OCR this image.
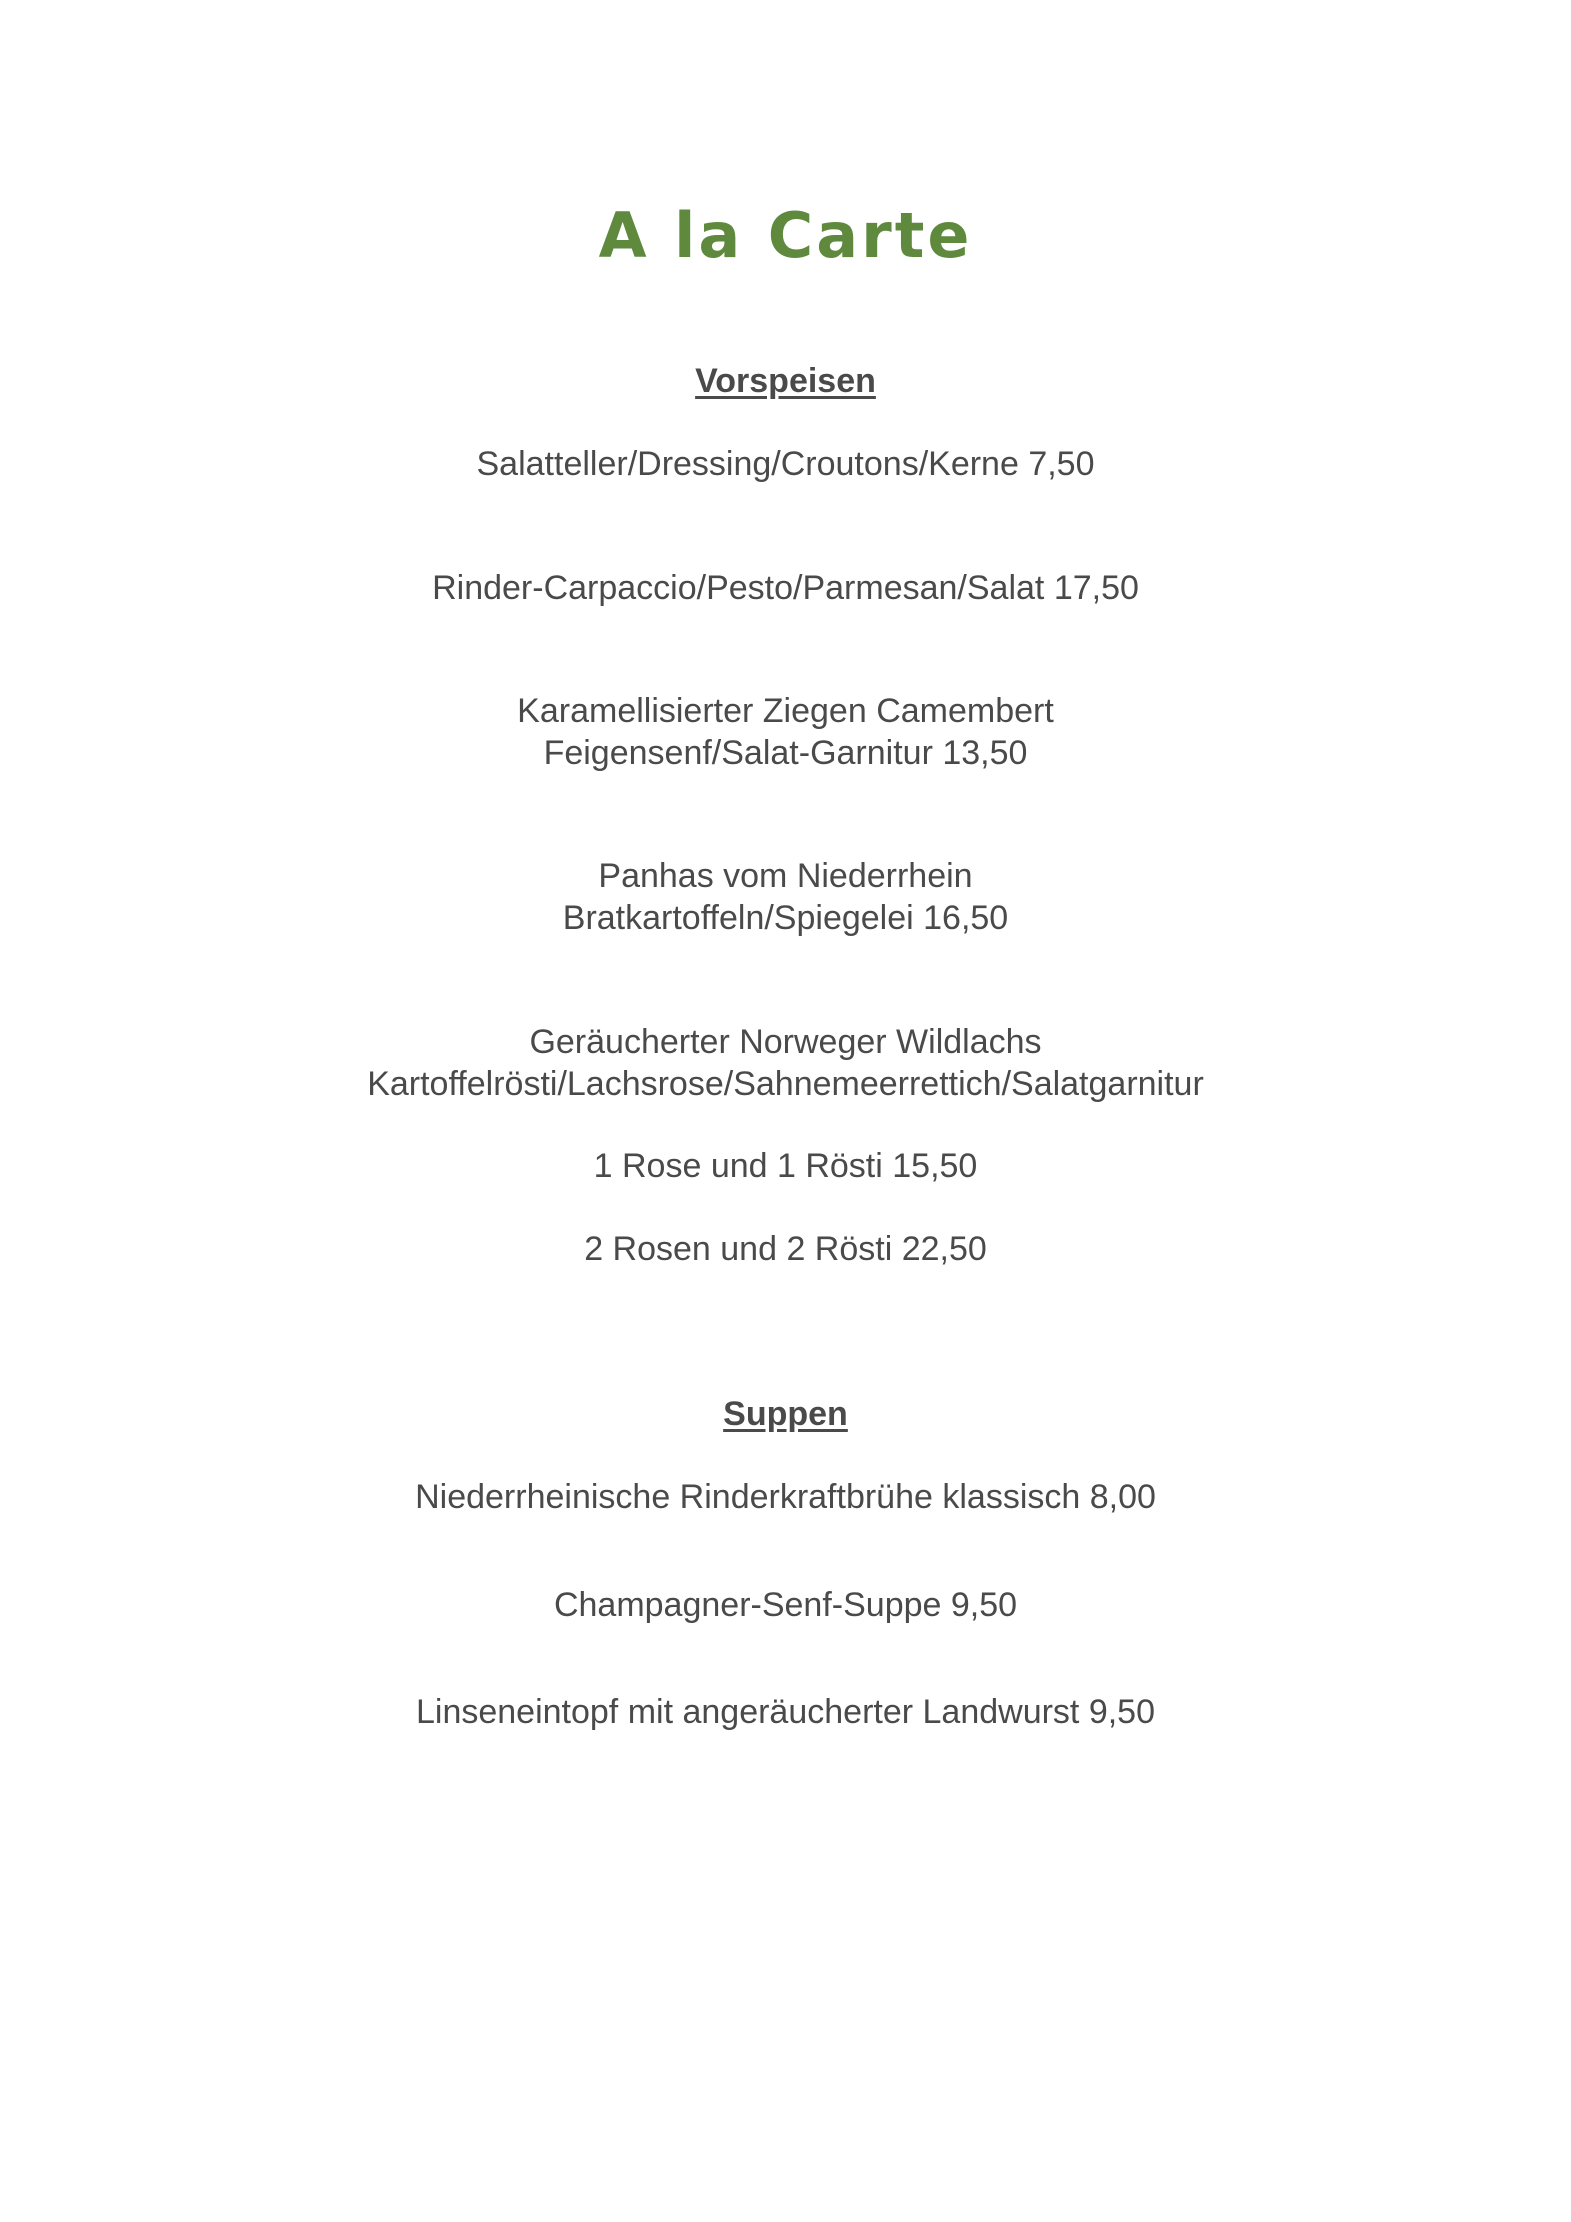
A la Carte
Vorspeisen
Salatteller/Dressing/Croutons/Kerne 7,50
Rinder-Carpaccio/Pesto/Parmesan/Salat 17,50
Karamellisierter Ziegen Camembert
Feigensenf/Salat-Garnitur 13,50
Panhas vom Niederrhein
Bratkartoffeln/Spiegelei 16,50
Geräucherter Norweger Wildlachs
Kartoffelrösti/Lachsrose/Sahnemeerrettich/Salatgarnitur
1 Rose und 1 Rösti 15,50
2 Rosen und 2 Rösti 22,50
Suppen
Niederrheinische Rinderkraftbrühe klassisch 8,00
Champagner-Senf-Suppe 9,50
Linseneintopf mit angeräucherter Landwurst 9,50
